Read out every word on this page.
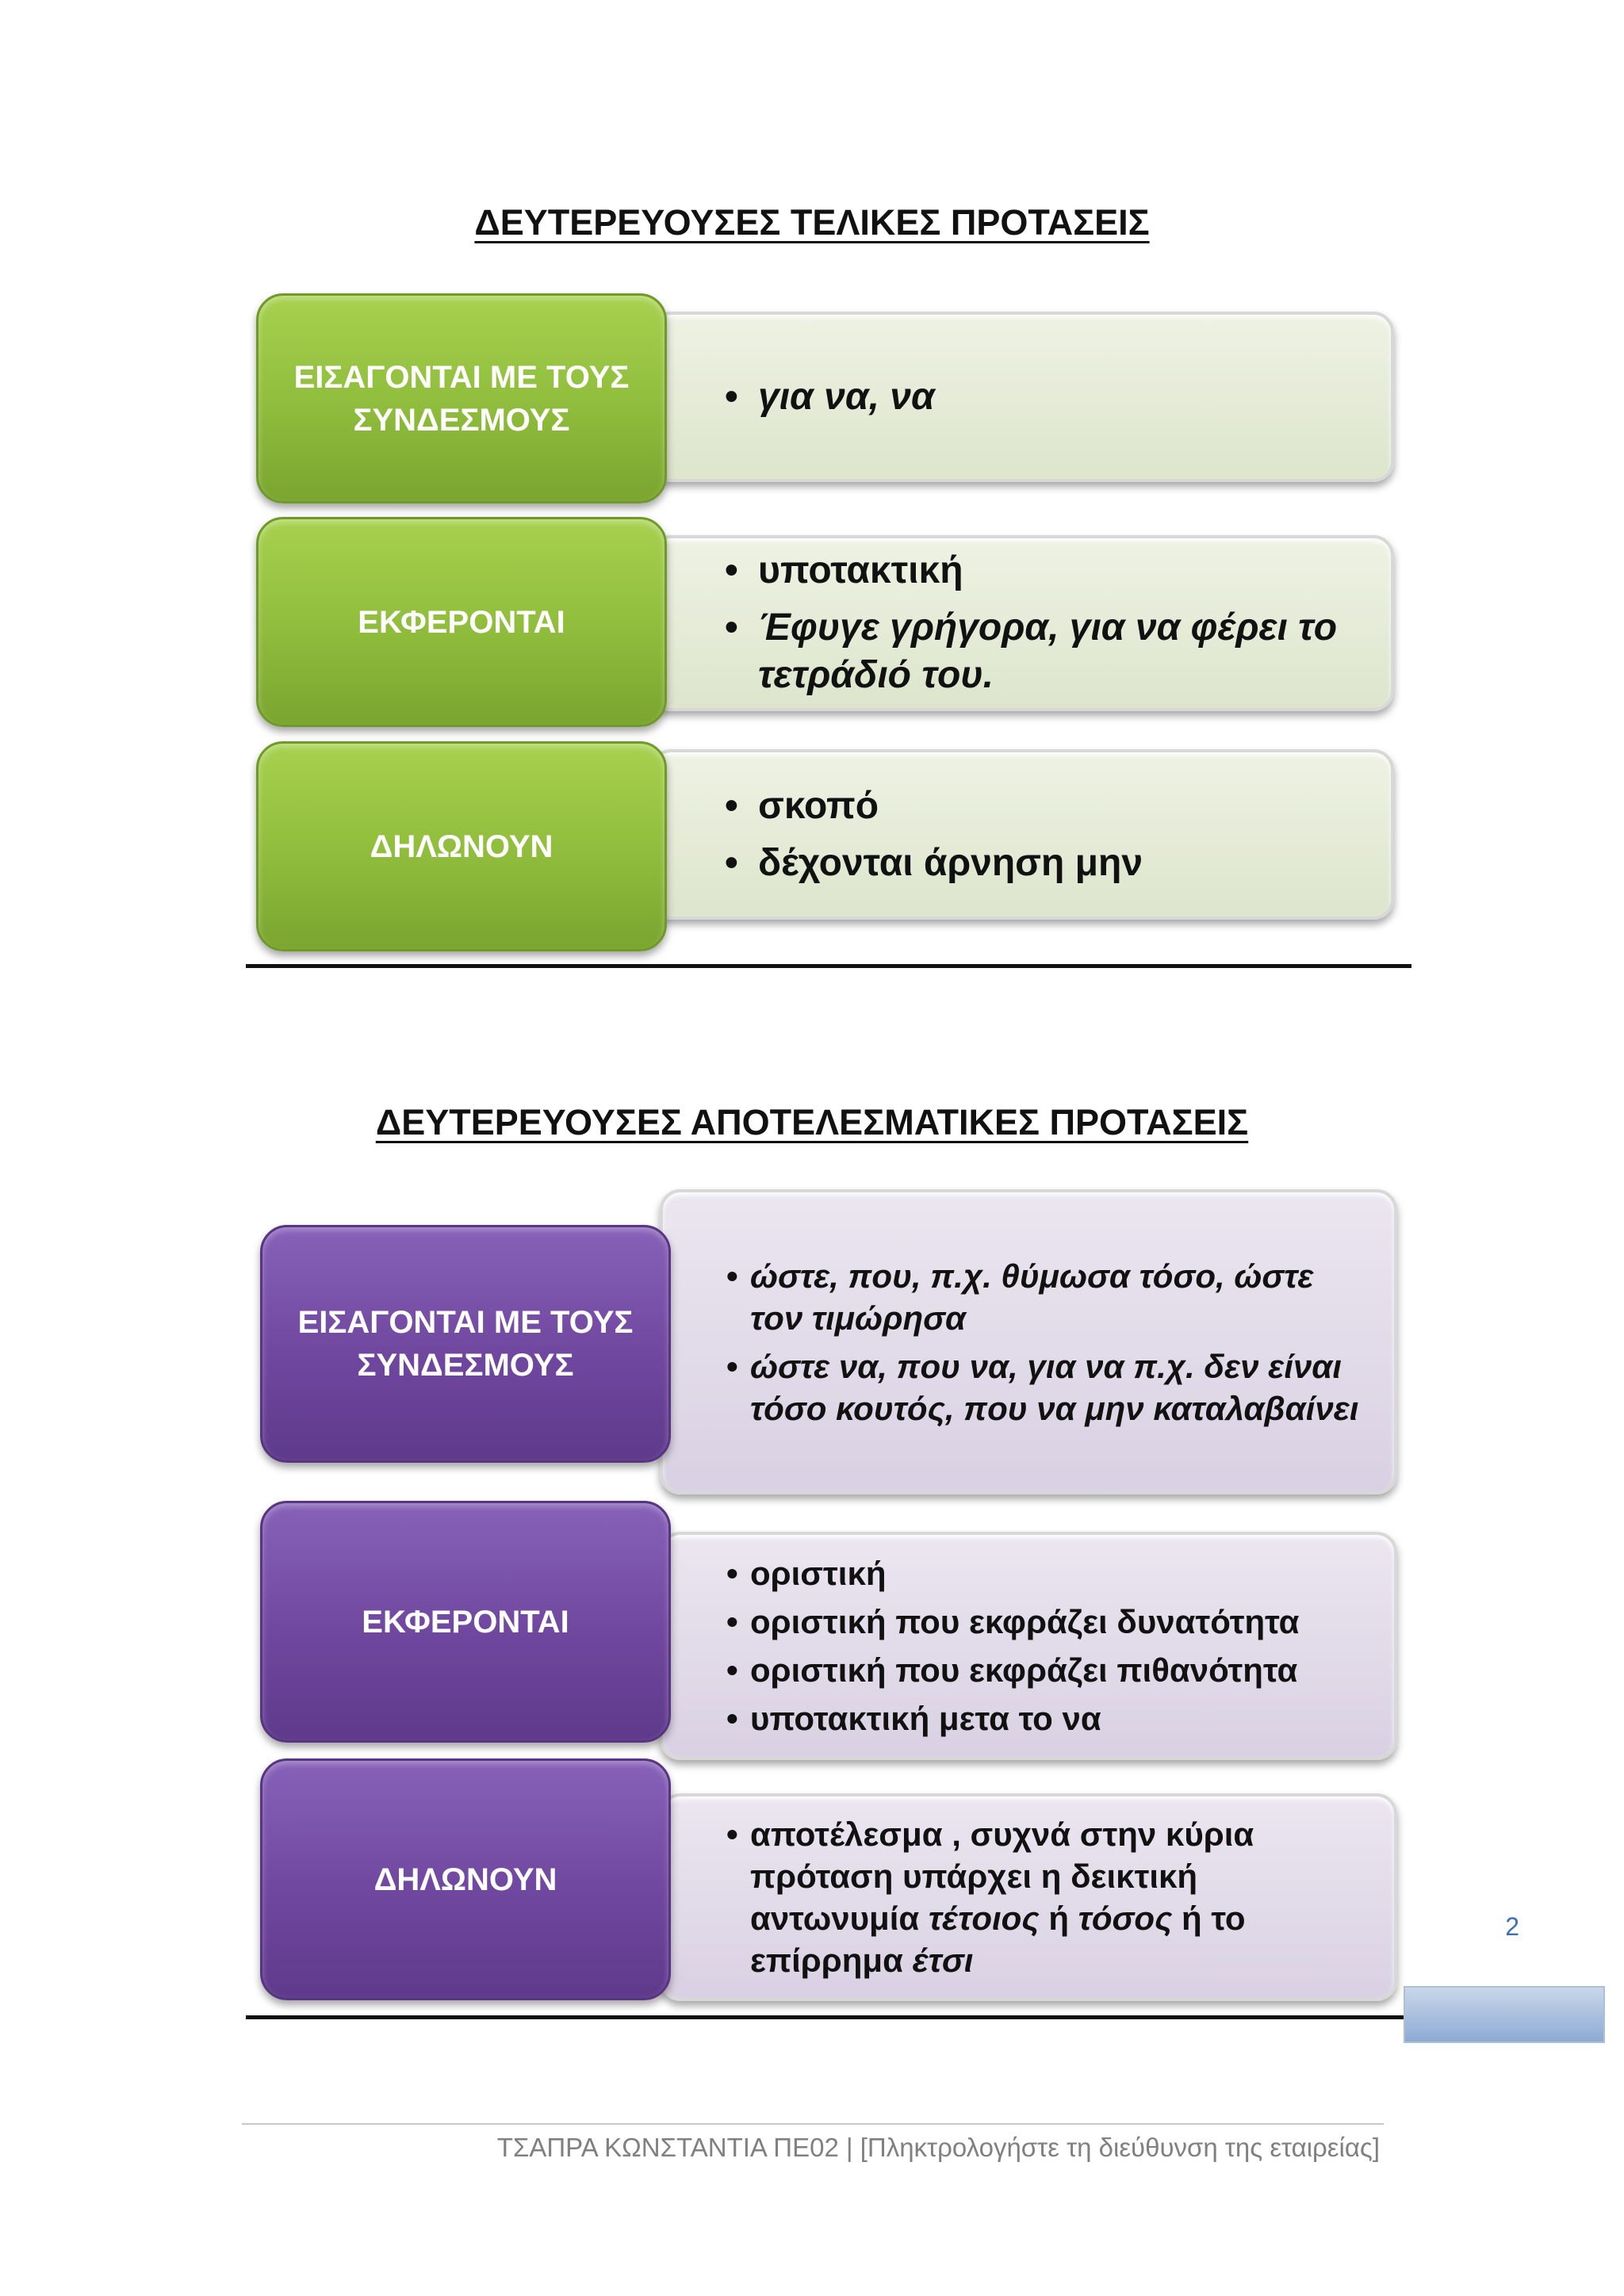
ΔΕΥΤΕΡΕΥΟΥΣΕΣ ΤΕΛΙΚΕΣ ΠΡΟΤΑΣΕΙΣ
• για να, να
ΕΙΣΑΓΟΝΤΑΙ ΜΕ ΤΟΥΣ ΣΥΝΔΕΣΜΟΥΣ
• υποτακτική
• Έφυγε γρήγορα, για να φέρει το τετράδιό του.
ΕΚΦΕΡΟΝΤΑΙ
• σκοπό
• δέχονται άρνηση μην
ΔΗΛΩΝΟΥΝ
ΔΕΥΤΕΡΕΥΟΥΣΕΣ ΑΠΟΤΕΛΕΣΜΑΤΙΚΕΣ ΠΡΟΤΑΣΕΙΣ
• ώστε, που, π.χ. θύμωσα τόσο, ώστε τον τιμώρησα
• ώστε να, που να, για να π.χ. δεν είναι τόσο κουτός, που να μην καταλαβαίνει
ΕΙΣΑΓΟΝΤΑΙ ΜΕ ΤΟΥΣ ΣΥΝΔΕΣΜΟΥΣ
• οριστική
• οριστική που εκφράζει δυνατότητα
• οριστική που εκφράζει πιθανότητα
• υποτακτική μετα το να
ΕΚΦΕΡΟΝΤΑΙ
• αποτέλεσμα , συχνά στην κύρια πρόταση υπάρχει η δεικτική αντωνυμία τέτοιος ή τόσος ή το επίρρημα έτσι
ΔΗΛΩΝΟΥΝ
2
ΤΣΑΠΡΑ ΚΩΝΣΤΑΝΤΙΑ ΠΕ02 | [Πληκτρολογήστε τη διεύθυνση της εταιρείας]
